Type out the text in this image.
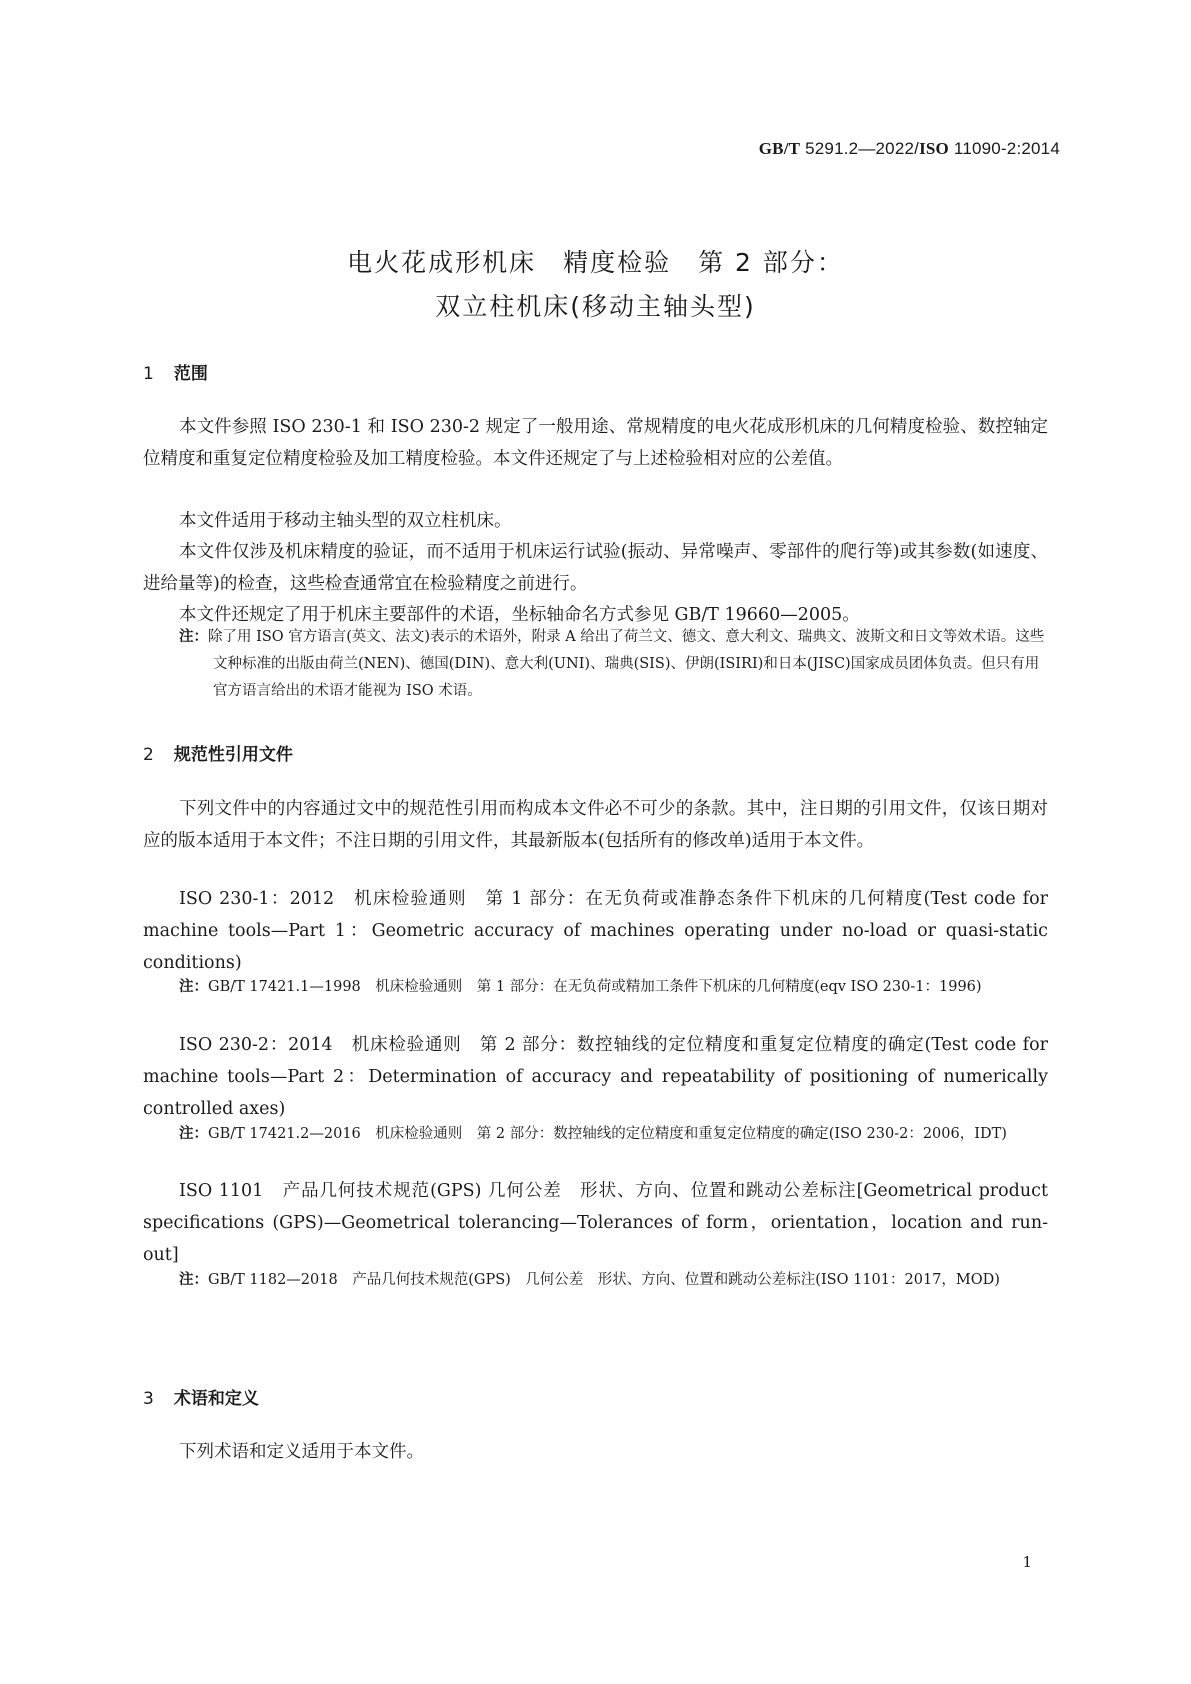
GB/T 5291.2—2022/ISO 11090-2:2014
电火花成形机床　精度检验　第 2 部分：
双立柱机床(移动主轴头型)
1 范围
本文件参照 ISO 230-1 和 ISO 230-2 规定了一般用途、常规精度的电火花成形机床的几何精度检验、数控轴定位精度和重复定位精度检验及加工精度检验。本文件还规定了与上述检验相对应的公差值。
本文件适用于移动主轴头型的双立柱机床。
本文件仅涉及机床精度的验证，而不适用于机床运行试验(振动、异常噪声、零部件的爬行等)或其参数(如速度、进给量等)的检查，这些检查通常宜在检验精度之前进行。
本文件还规定了用于机床主要部件的术语，坐标轴命名方式参见 GB/T 19660—2005。
注：除了用 ISO 官方语言(英文、法文)表示的术语外，附录 A 给出了荷兰文、德文、意大利文、瑞典文、波斯文和日文等效术语。这些文种标准的出版由荷兰(NEN)、德国(DIN)、意大利(UNI)、瑞典(SIS)、伊朗(ISIRI)和日本(JISC)国家成员团体负责。但只有用官方语言给出的术语才能视为 ISO 术语。
2 规范性引用文件
下列文件中的内容通过文中的规范性引用而构成本文件必不可少的条款。其中，注日期的引用文件，仅该日期对应的版本适用于本文件；不注日期的引用文件，其最新版本(包括所有的修改单)适用于本文件。
ISO 230-1：2012　机床检验通则　第 1 部分：在无负荷或准静态条件下机床的几何精度(Test code for machine tools—Part 1：Geometric accuracy of machines operating under no-load or quasi-static conditions)
注：GB/T 17421.1—1998　机床检验通则　第 1 部分：在无负荷或精加工条件下机床的几何精度(eqv ISO 230-1：1996)
ISO 230-2：2014　机床检验通则　第 2 部分：数控轴线的定位精度和重复定位精度的确定(Test code for machine tools—Part 2：Determination of accuracy and repeatability of positioning of numerically controlled axes)
注：GB/T 17421.2—2016　机床检验通则　第 2 部分：数控轴线的定位精度和重复定位精度的确定(ISO 230-2：2006，IDT)
ISO 1101　产品几何技术规范(GPS) 几何公差　形状、方向、位置和跳动公差标注[Geometrical product specifications (GPS)—Geometrical tolerancing—Tolerances of form，orientation，location and run-out]
注：GB/T 1182—2018　产品几何技术规范(GPS)　几何公差　形状、方向、位置和跳动公差标注(ISO 1101：2017，MOD)
3 术语和定义
下列术语和定义适用于本文件。
1
